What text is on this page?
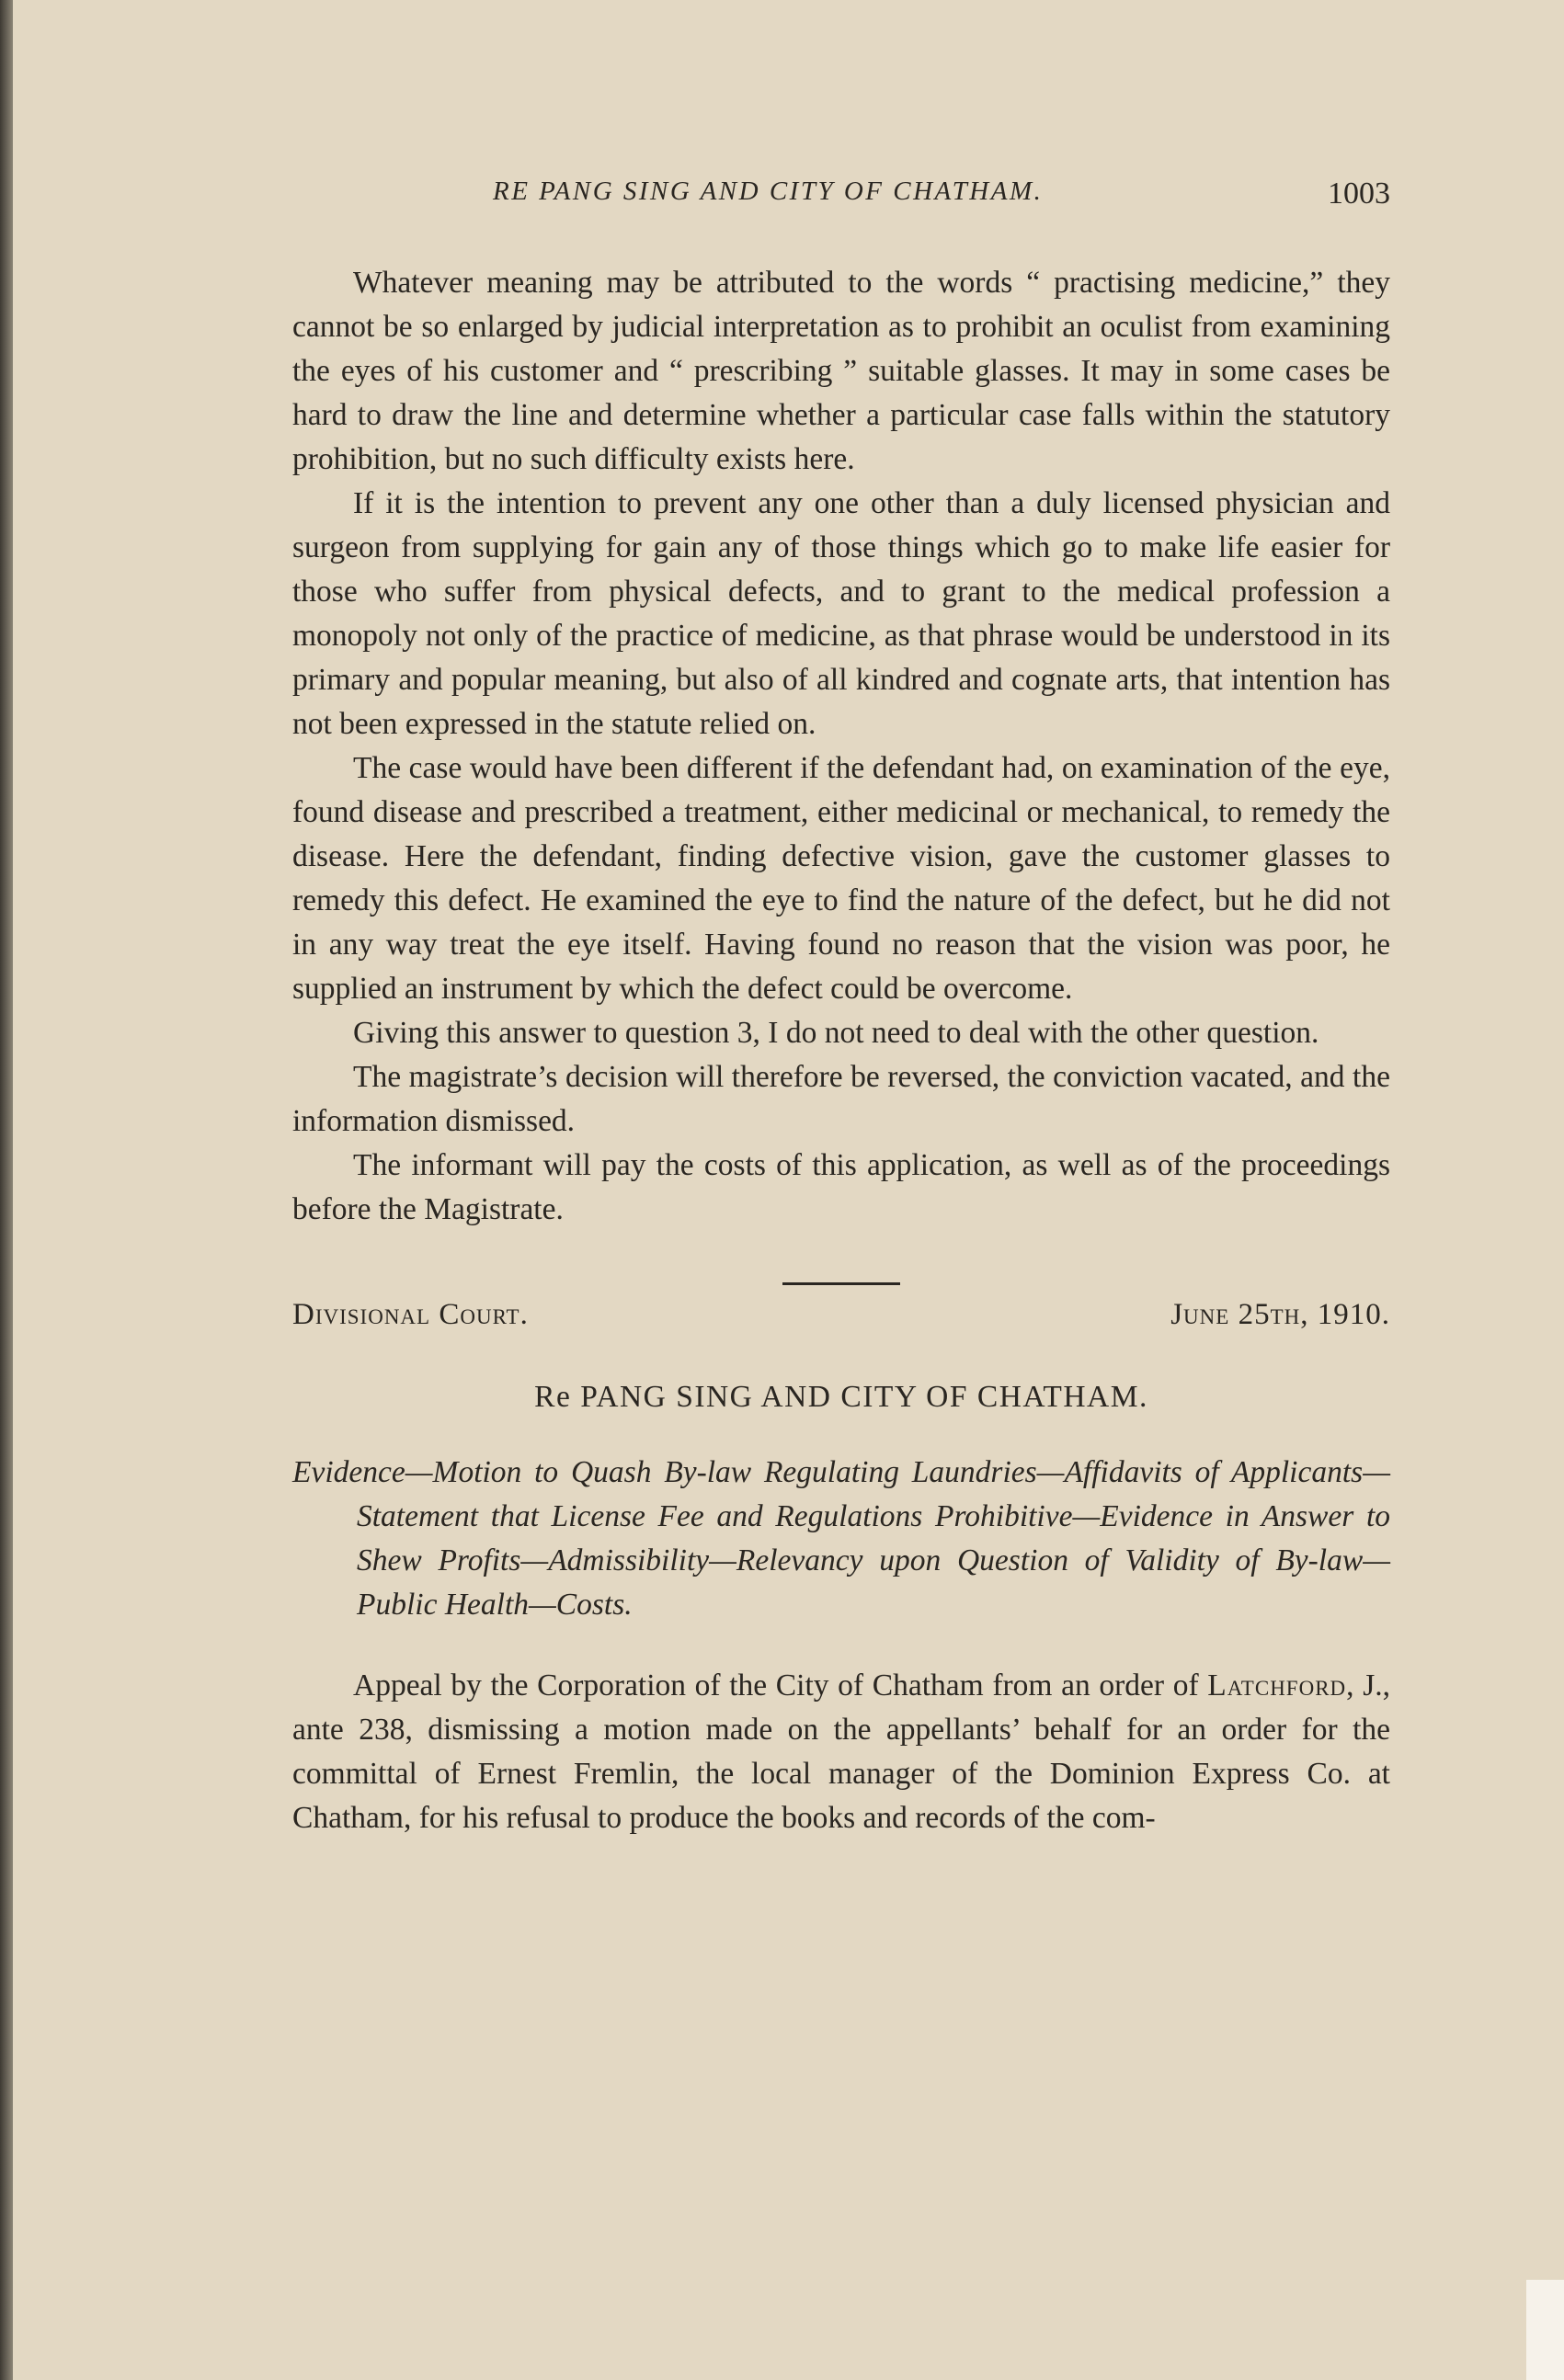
RE PANG SING AND CITY OF CHATHAM.	1003

Whatever meaning may be attributed to the words “ practising medicine,” they cannot be so enlarged by judicial interpretation as to prohibit an oculist from examining the eyes of his customer and “ prescribing ” suitable glasses. It may in some cases be hard to draw the line and determine whether a particular case falls within the statutory prohibition, but no such difficulty exists here.

If it is the intention to prevent any one other than a duly licensed physician and surgeon from supplying for gain any of those things which go to make life easier for those who suffer from physical defects, and to grant to the medical profession a monopoly not only of the practice of medicine, as that phrase would be understood in its primary and popular meaning, but also of all kindred and cognate arts, that intention has not been expressed in the statute relied on.

The case would have been different if the defendant had, on examination of the eye, found disease and prescribed a treatment, either medicinal or mechanical, to remedy the disease. Here the defendant, finding defective vision, gave the customer glasses to remedy this defect. He examined the eye to find the nature of the defect, but he did not in any way treat the eye itself. Having found no reason that the vision was poor, he supplied an instrument by which the defect could be overcome.

Giving this answer to question 3, I do not need to deal with the other question.

The magistrate’s decision will therefore be reversed, the conviction vacated, and the information dismissed.

The informant will pay the costs of this application, as well as of the proceedings before the Magistrate.

Divisional Court.	June 25th, 1910.
Re PANG SING AND CITY OF CHATHAM.

Evidence—Motion to Quash By-law Regulating Laundries—Affidavits of Applicants—Statement that License Fee and Regulations Prohibitive—Evidence in Answer to Shew Profits—Admissibility—Relevancy upon Question of Validity of By-law—Public Health—Costs.

Appeal by the Corporation of the City of Chatham from an order of Latchford, J., ante 238, dismissing a motion made on the appellants’ behalf for an order for the committal of Ernest Fremlin, the local manager of the Dominion Express Co. at Chatham, for his refusal to produce the books and records of the com-
